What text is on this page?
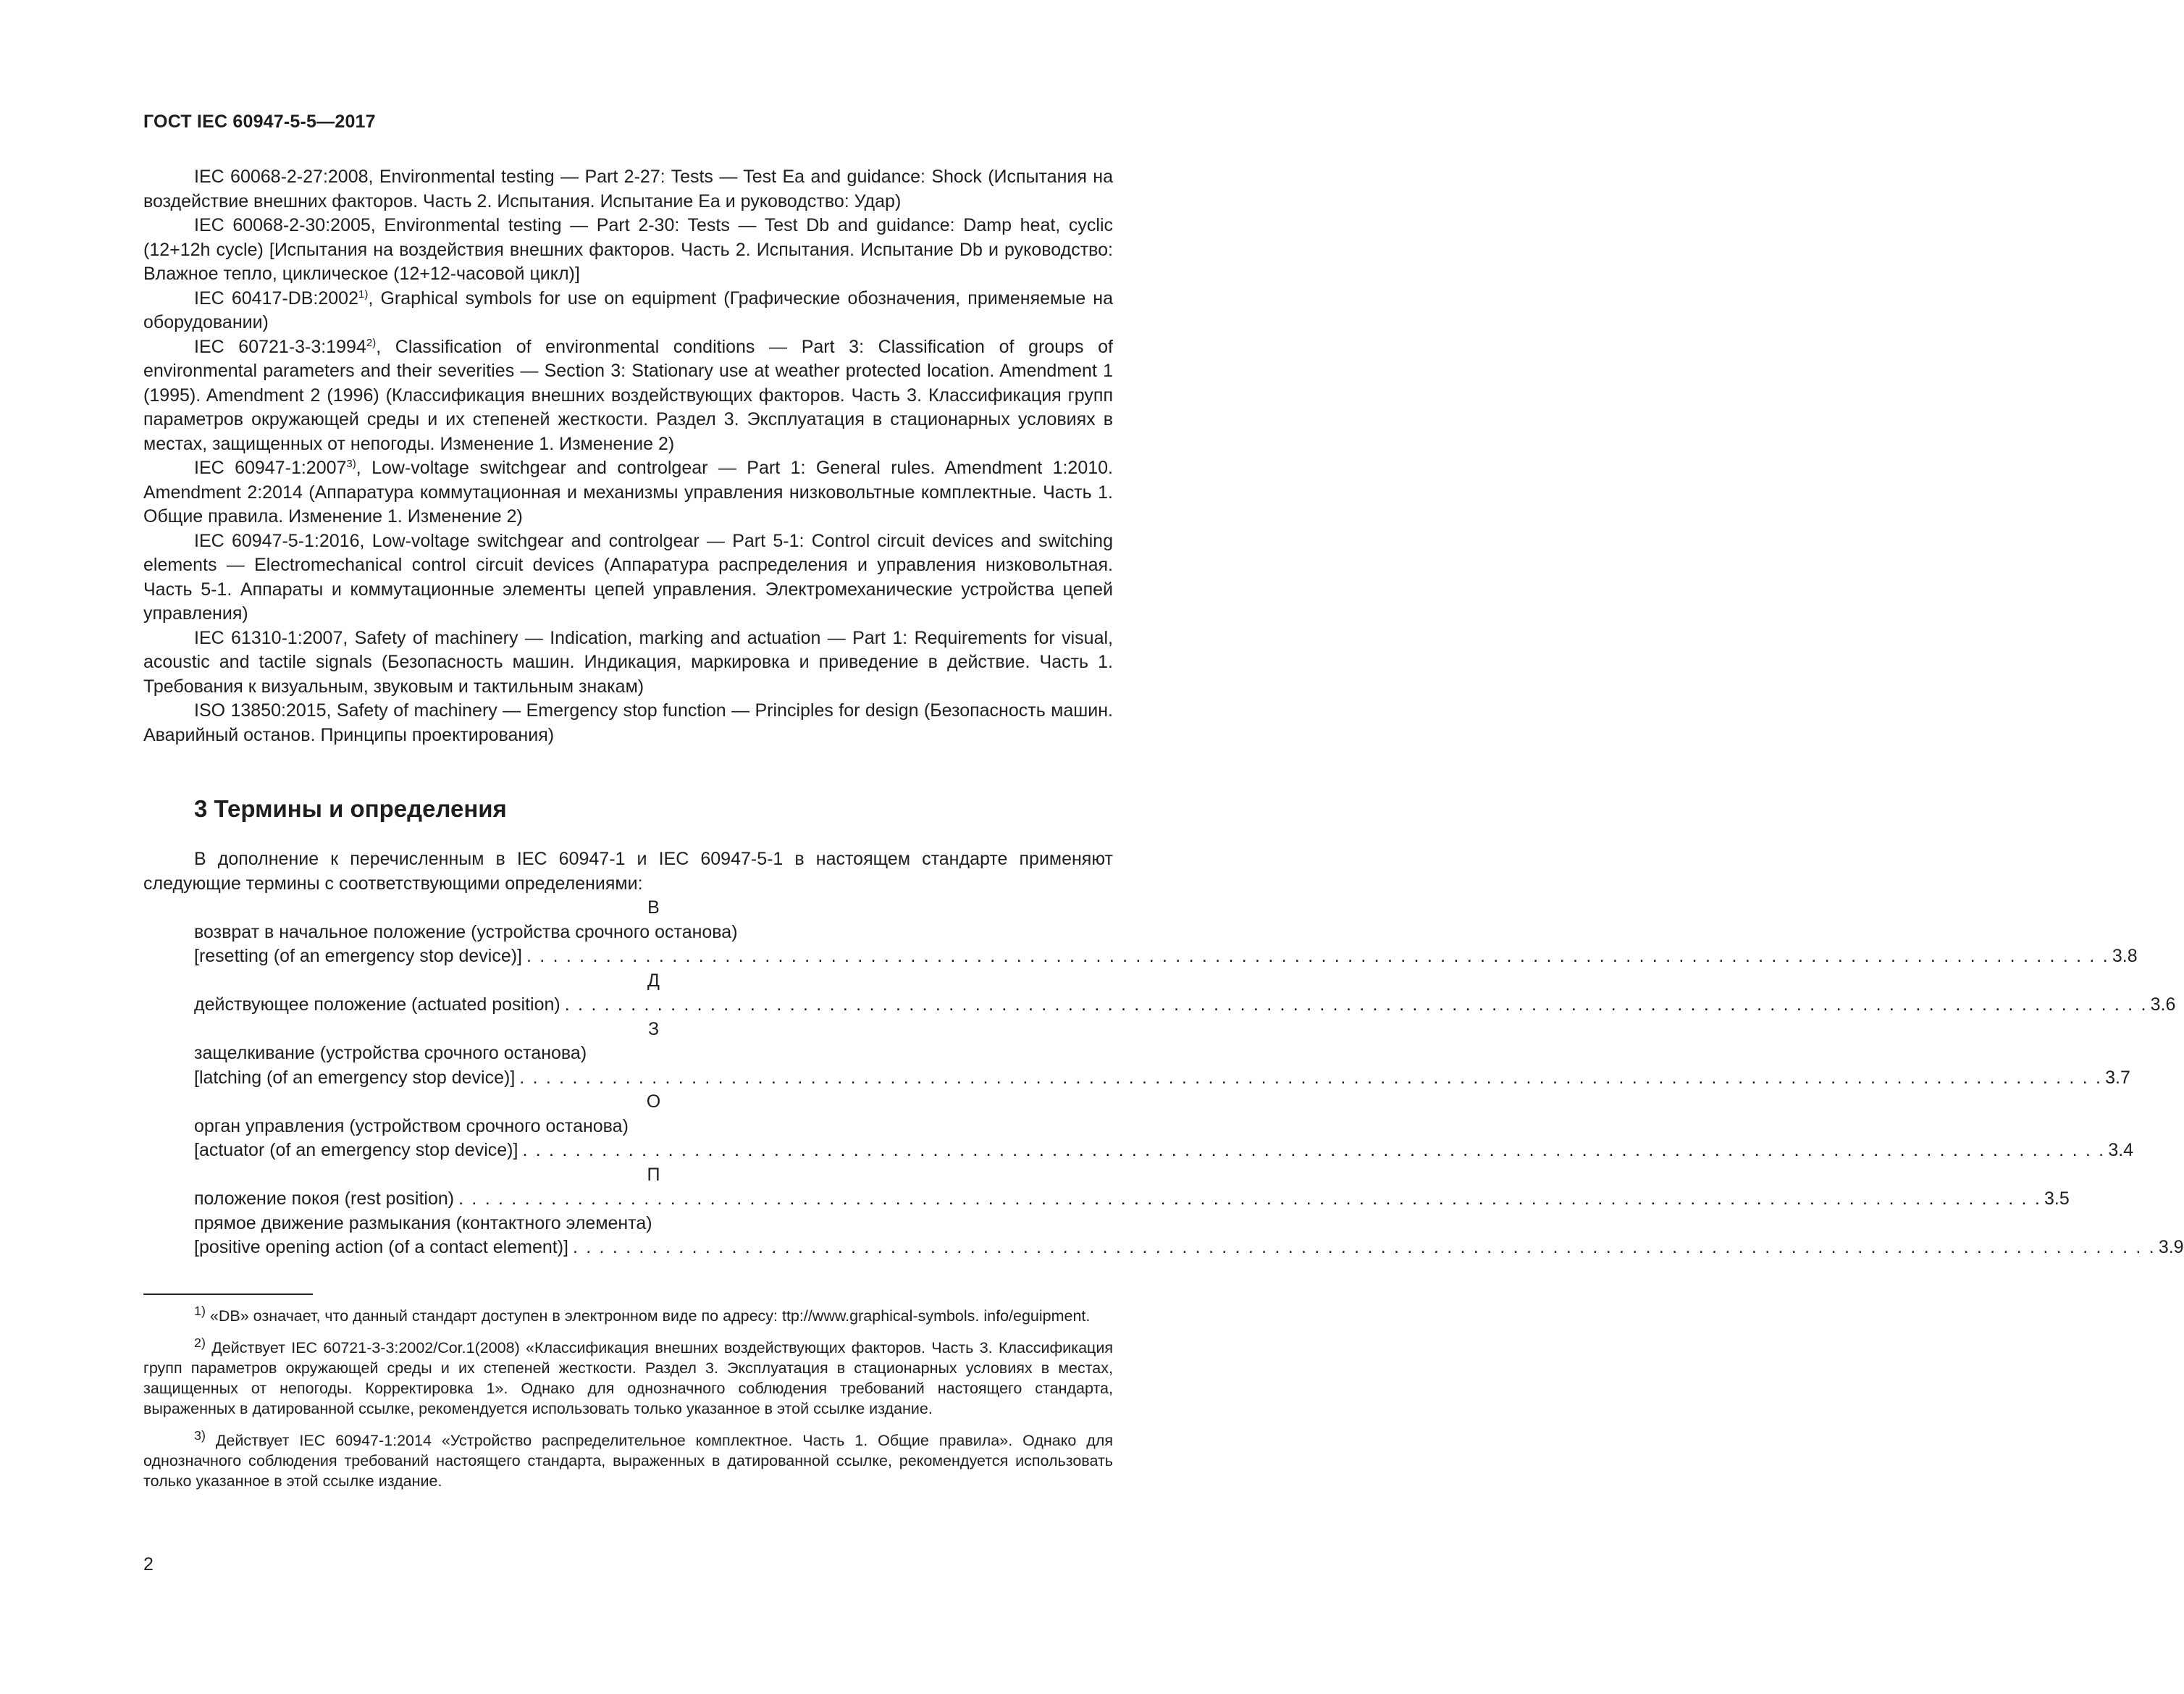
ГОСТ IEC 60947-5-5—2017

IEC 60068-2-27:2008, Environmental testing — Part 2-27: Tests — Test Ea and guidance: Shock (Испытания на воздействие внешних факторов. Часть 2. Испытания. Испытание Еа и руководство: Удар)

IEC 60068-2-30:2005, Environmental testing — Part 2-30: Tests — Test Db and guidance: Damp heat, cyclic (12+12h cycle) [Испытания на воздействия внешних факторов. Часть 2. Испытания. Испытание Db и руководство: Влажное тепло, циклическое (12+12-часовой цикл)]

IEC 60417-DB:2002$^{1)}$, Graphical symbols for use on equipment (Графические обозначения, применяемые на оборудовании)

IEC 60721-3-3:1994$^{2)}$, Classification of environmental conditions — Part 3: Classification of groups of environmental parameters and their severities — Section 3: Stationary use at weather protected location. Amendment 1 (1995). Amendment 2 (1996) (Классификация внешних воздействующих факторов. Часть 3. Классификация групп параметров окружающей среды и их степеней жесткости. Раздел 3. Эксплуатация в стационарных условиях в местах, защищенных от непогоды. Изменение 1. Изменение 2)

IEC 60947-1:2007$^{3)}$, Low-voltage switchgear and controlgear — Part 1: General rules. Amendment 1:2010. Amendment 2:2014 (Аппаратура коммутационная и механизмы управления низковольтные комплектные. Часть 1. Общие правила. Изменение 1. Изменение 2)

IEC 60947-5-1:2016, Low-voltage switchgear and controlgear — Part 5-1: Control circuit devices and switching elements — Electromechanical control circuit devices (Аппаратура распределения и управления низковольтная. Часть 5-1. Аппараты и коммутационные элементы цепей управления. Электромеханические устройства цепей управления)

IEC 61310-1:2007, Safety of machinery — Indication, marking and actuation — Part 1: Requirements for visual, acoustic and tactile signals (Безопасность машин. Индикация, маркировка и приведение в действие. Часть 1. Требования к визуальным, звуковым и тактильным знакам)

ISO 13850:2015, Safety of machinery — Emergency stop function — Principles for design (Безопасность машин. Аварийный останов. Принципы проектирования)

3 Термины и определения

В дополнение к перечисленным в IEC 60947-1 и IEC 60947-5-1 в настоящем стандарте применяют следующие термины с соответствующими определениями:

В
возврат в начальное положение (устройства срочного останова)
[resetting (of an emergency stop device)] . . . . . . . . . . . . . . . . . . . . . . . . . . . . . . . . . . . . . . . . . . . . . . . . . . . . . . . . . . . . . . . . . . . . . . . . . . . . . . . . . . . . . . . . . . . . . . . . . . . . . . . . . . . . . . . . . . . . . . . . 3.8
Д
действующее положение (actuated position) . . . . . . . . . . . . . . . . . . . . . . . . . . . . . . . . . . . . . . . . . . . . . . . . . . . . . . . . . . . . . . . . . . . . . . . . . . . . . . . . . . . . . . . . . . . . . . . . . . . . . . . . . . . . . . . . . . . . . . . . 3.6
З
защелкивание (устройства срочного останова)
[latching (of an emergency stop device)] . . . . . . . . . . . . . . . . . . . . . . . . . . . . . . . . . . . . . . . . . . . . . . . . . . . . . . . . . . . . . . . . . . . . . . . . . . . . . . . . . . . . . . . . . . . . . . . . . . . . . . . . . . . . . . . . . . . . . . . . 3.7
О
орган управления (устройством срочного останова)
[actuator (of an emergency stop device)] . . . . . . . . . . . . . . . . . . . . . . . . . . . . . . . . . . . . . . . . . . . . . . . . . . . . . . . . . . . . . . . . . . . . . . . . . . . . . . . . . . . . . . . . . . . . . . . . . . . . . . . . . . . . . . . . . . . . . . . . 3.4
П
положение покоя (rest position) . . . . . . . . . . . . . . . . . . . . . . . . . . . . . . . . . . . . . . . . . . . . . . . . . . . . . . . . . . . . . . . . . . . . . . . . . . . . . . . . . . . . . . . . . . . . . . . . . . . . . . . . . . . . . . . . . . . . . . . . 3.5
прямое движение размыкания (контактного элемента)
[positive opening action (of a contact element)] . . . . . . . . . . . . . . . . . . . . . . . . . . . . . . . . . . . . . . . . . . . . . . . . . . . . . . . . . . . . . . . . . . . . . . . . . . . . . . . . . . . . . . . . . . . . . . . . . . . . . . . . . . . . . . . . . . . . . . . . 3.9

$^{1)}$ «DB» означает, что данный стандарт доступен в электронном виде по адресу: ttp://www.graphical-symbols. info/eguipment.

$^{2)}$ Действует IEC 60721-3-3:2002/Cor.1(2008) «Классификация внешних воздействующих факторов. Часть 3. Классификация групп параметров окружающей среды и их степеней жесткости. Раздел 3. Эксплуатация в стационарных условиях в местах, защищенных от непогоды. Корректировка 1». Однако для однозначного соблюдения требований настоящего стандарта, выраженных в датированной ссылке, рекомендуется использовать только указанное в этой ссылке издание.

$^{3)}$ Действует IEC 60947-1:2014 «Устройство распределительное комплектное. Часть 1. Общие правила». Однако для однозначного соблюдения требований настоящего стандарта, выраженных в датированной ссылке, рекомендуется использовать только указанное в этой ссылке издание.

2
